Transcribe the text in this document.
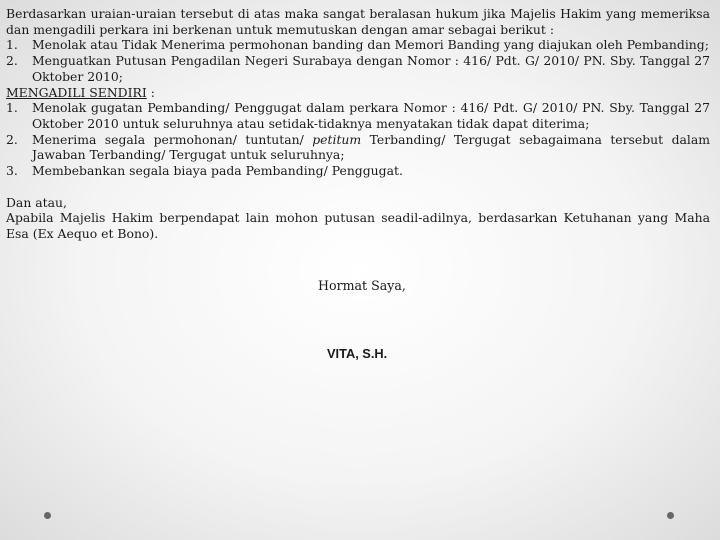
Berdasarkan uraian-uraian tersebut di atas maka sangat beralasan hukum jika Majelis Hakim yang memeriksa dan mengadili perkara ini berkenan untuk memutuskan dengan amar sebagai berikut :

1.	Menolak atau Tidak Menerima permohonan banding dan Memori Banding yang diajukan oleh Pembanding;
2.	Menguatkan Putusan Pengadilan Negeri Surabaya dengan Nomor : 416/ Pdt. G/ 2010/ PN. Sby. Tanggal 27 Oktober 2010;

MENGADILI SENDIRI :

1.	Menolak gugatan Pembanding/ Penggugat dalam perkara Nomor : 416/ Pdt. G/ 2010/ PN. Sby. Tanggal 27 Oktober 2010 untuk seluruhnya atau setidak-tidaknya menyatakan tidak dapat diterima;
2.	Menerima segala permohonan/ tuntutan/ petitum Terbanding/ Tergugat sebagaimana tersebut dalam Jawaban Terbanding/ Tergugat untuk seluruhnya;
3.	Membebankan segala biaya pada Pembanding/ Penggugat.

Dan atau,

Apabila Majelis Hakim berpendapat lain mohon putusan seadil-adilnya, berdasarkan Ketuhanan yang Maha Esa (Ex Aequo et Bono).

Hormat Saya,
VITA, S.H.
